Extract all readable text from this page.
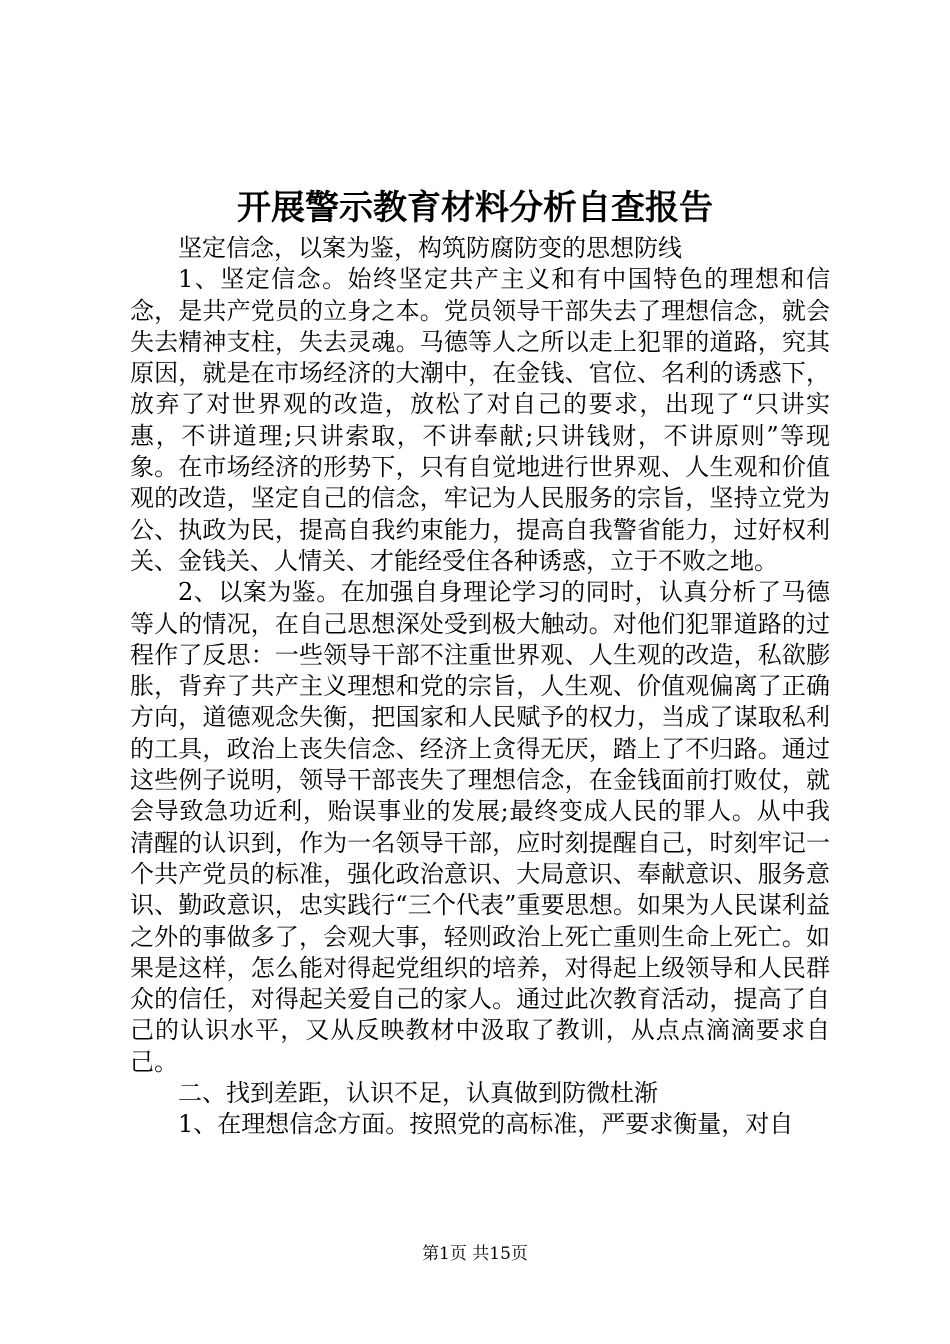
开展警示教育材料分析自查报告

坚定信念，以案为鉴，构筑防腐防变的思想防线

1、坚定信念。始终坚定共产主义和有中国特色的理想和信念，是共产党员的立身之本。党员领导干部失去了理想信念，就会失去精神支柱，失去灵魂。马德等人之所以走上犯罪的道路，究其原因，就是在市场经济的大潮中，在金钱、官位、名利的诱惑下，放弃了对世界观的改造，放松了对自己的要求，出现了“只讲实惠，不讲道理;只讲索取，不讲奉献;只讲钱财，不讲原则”等现象。在市场经济的形势下，只有自觉地进行世界观、人生观和价值观的改造，坚定自己的信念，牢记为人民服务的宗旨，坚持立党为公、执政为民，提高自我约束能力，提高自我警省能力，过好权利关、金钱关、人情关、才能经受住各种诱惑，立于不败之地。

2、以案为鉴。在加强自身理论学习的同时，认真分析了马德等人的情况，在自己思想深处受到极大触动。对他们犯罪道路的过程作了反思：一些领导干部不注重世界观、人生观的改造，私欲膨胀，背弃了共产主义理想和党的宗旨，人生观、价值观偏离了正确方向，道德观念失衡，把国家和人民赋予的权力，当成了谋取私利的工具，政治上丧失信念、经济上贪得无厌，踏上了不归路。通过这些例子说明，领导干部丧失了理想信念，在金钱面前打败仗，就会导致急功近利，贻误事业的发展;最终变成人民的罪人。从中我清醒的认识到，作为一名领导干部，应时刻提醒自己，时刻牢记一个共产党员的标准，强化政治意识、大局意识、奉献意识、服务意识、勤政意识，忠实践行“三个代表”重要思想。如果为人民谋利益之外的事做多了，会观大事，轻则政治上死亡重则生命上死亡。如果是这样，怎么能对得起党组织的培养，对得起上级领导和人民群众的信任，对得起关爱自己的家人。通过此次教育活动，提高了自己的认识水平，又从反映教材中汲取了教训，从点点滴滴要求自己。

二、找到差距，认识不足，认真做到防微杜渐

1、在理想信念方面。按照党的高标准，严要求衡量，对自

第1页 共15页
